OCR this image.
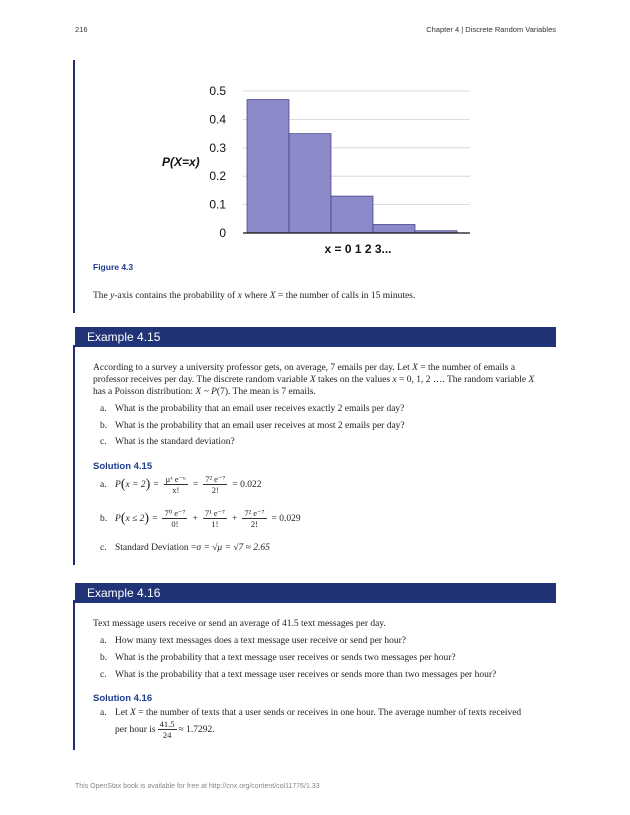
216	Chapter 4 | Discrete Random Variables
0
0.1
0.2
0.3
0.4
0.5
P(X=x)
x = 0 1 2 3...
Figure 4.3
The y-axis contains the probability of x where X = the number of calls in 15 minutes.
Example 4.15
According to a survey a university professor gets, on average, 7 emails per day. Let X = the number of emails a professor receives per day. The discrete random variable X takes on the values x = 0, 1, 2 …. The random variable X has a Poisson distribution: X ~ P(7). The mean is 7 emails.
a. What is the probability that an email user receives exactly 2 emails per day?
b. What is the probability that an email user receives at most 2 emails per day?
c. What is the standard deviation?
Solution 4.15
a. P ( x = 2 ) = $\frac{\text{μˣ e⁻ᵘ}}{x!} = \frac{\text{7² e⁻⁷}}{2!} = 0.022$
b. P ( x ≤ 2 ) = $\frac{\text{7⁰ e⁻⁷}}{0!} + \frac{\text{7¹ e⁻⁷}}{1!} + \frac{\text{7² e⁻⁷}}{2!} = 0.029$
c. Standard Deviation = σ = √μ = √7 ≈ 2.65
Example 4.16
Text message users receive or send an average of 41.5 text messages per day.
a. How many text messages does a text message user receive or send per hour?
b. What is the probability that a text message user receives or sends two messages per hour?
c. What is the probability that a text message user receives or sends more than two messages per hour?
Solution 4.16
a. Let X = the number of texts that a user sends or receives in one hour. The average number of texts received
per hour is $\frac{41.5}{24} \approx 1.7292$.
This OpenStax book is available for free at http://cnx.org/content/col11776/1.33
